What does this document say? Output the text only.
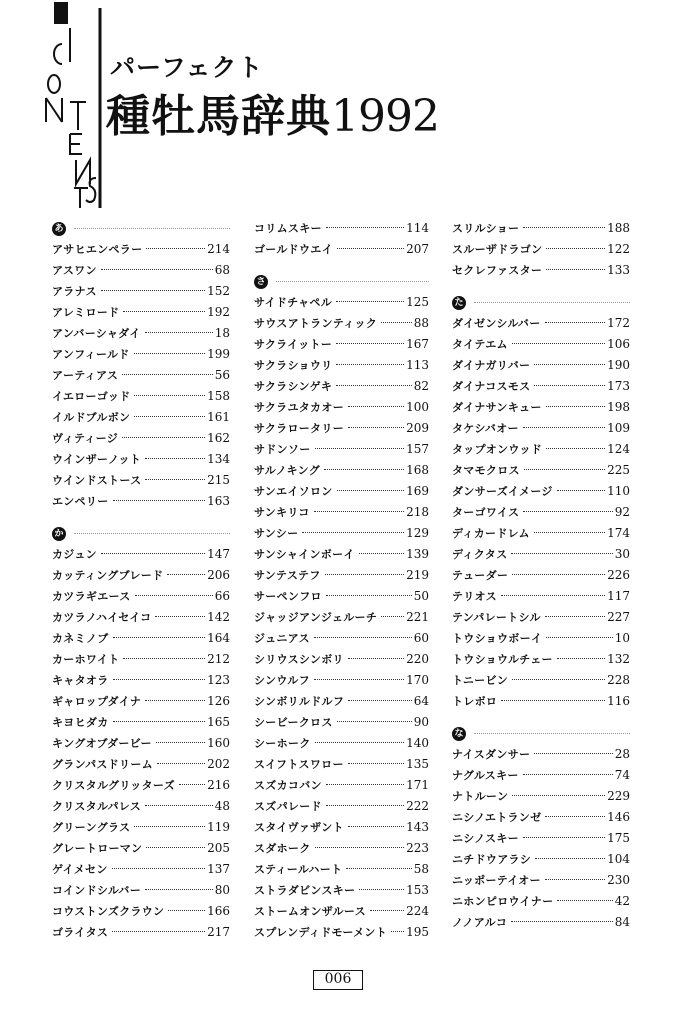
パーフェクト
種牡馬辞典1992
あ
アサヒエンペラー	214
アスワン	68
アラナス	152
アレミロード	192
アンバーシャダイ	18
アンフィールド	199
アーティアス	56
イエローゴッド	158
イルドブルボン	161
ヴィティージ	162
ウインザーノット	134
ウインドストース	215
エンペリー	163
か
カジュン	147
カッティングブレード	206
カツラギエース	66
カツラノハイセイコ	142
カネミノブ	164
カーホワイト	212
キャタオラ	123
ギャロップダイナ	126
キヨヒダカ	165
キングオブダービー	160
グランパスドリーム	202
クリスタルグリッターズ	216
クリスタルパレス	48
グリーングラス	119
グレートローマン	205
ゲイメセン	137
コインドシルバー	80
コウストンズクラウン	166
ゴライタス	217
コリムスキー	114
ゴールドウエイ	207
さ
サイドチャペル	125
サウスアトランティック	88
サクライットー	167
サクラショウリ	113
サクラシンゲキ	82
サクラユタカオー	100
サクラロータリー	209
サドンソー	157
サルノキング	168
サンエイソロン	169
サンキリコ	218
サンシー	129
サンシャインボーイ	139
サンテステフ	219
サーペンフロ	50
ジャッジアンジェルーチ 221
ジュニアス	60
シリウスシンボリ	220
シンウルフ	170
シンボリルドルフ	64
シービークロス	90
シーホーク	140
スイフトスワロー	135
スズカコバン	171
スズパレード	222
スタイヴァザント	143
スダホーク	223
スティールハート	58
ストラダビンスキー	153
ストームオンザルース	224
スプレンディドモーメント 195
スリルショー	188
スルーザドラゴン	122
セクレファスター	133
た
ダイゼンシルバー	172
タイテエム	106
ダイナガリバー	190
ダイナコスモス	173
ダイナサンキュー	198
タケシバオー	109
タップオンウッド	124
タマモクロス	225
ダンサーズイメージ	110
ターゴワイス	92
ディカードレム	174
ディクタス	30
テューダー	226
テリオス	117
テンパレートシル	227
トウショウボーイ	10
トウショウルチェー	132
トニービン	228
トレボロ	116
な
ナイスダンサー	28
ナグルスキー	74
ナトルーン	229
ニシノエトランゼ	146
ニシノスキー	175
ニチドウアラシ	104
ニッポーテイオー	230
ニホンピロウイナー	42
ノノアルコ	84
006
